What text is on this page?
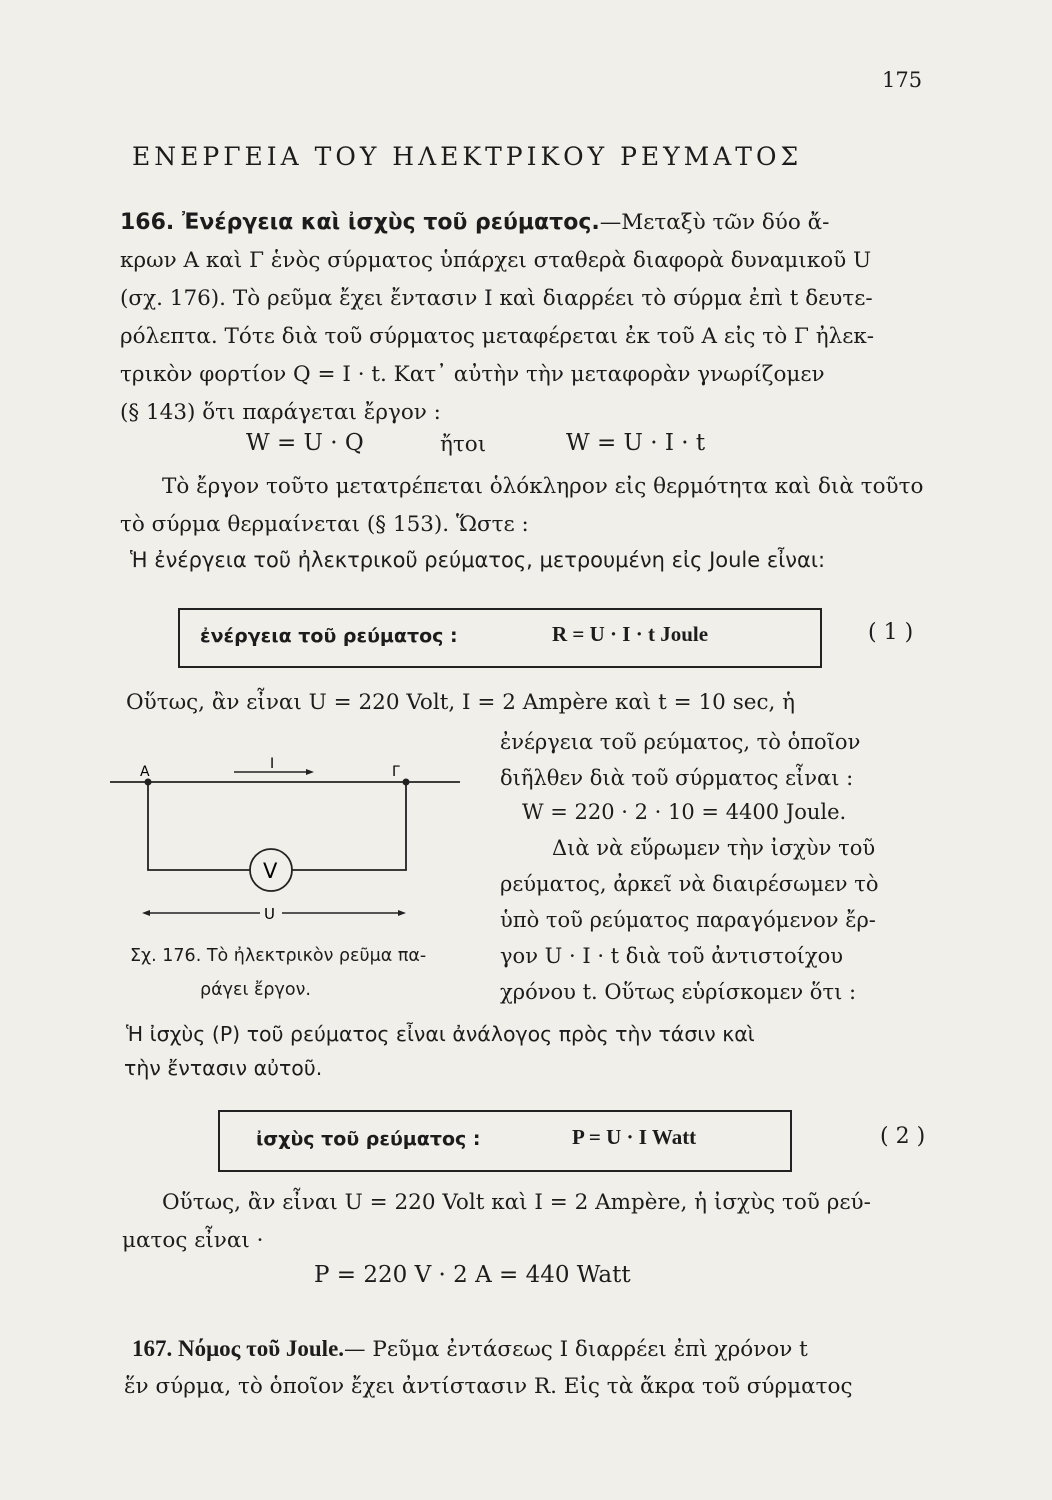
175
ΕΝΕΡΓΕΙΑ ΤΟΥ ΗΛΕΚΤΡΙΚΟΥ ΡΕΥΜΑΤΟΣ
166. Ἐνέργεια καὶ ἰσχὺς τοῦ ρεύματος.—Μεταξὺ τῶν δύο ἄ-
κρων Α καὶ Γ ἑνὸς σύρματος ὑπάρχει σταθερὰ διαφορὰ δυναμικοῦ U
(σχ. 176). Τὸ ρεῦμα ἔχει ἔντασιν Ι καὶ διαρρέει τὸ σύρμα ἐπὶ t δευτε-
ρόλεπτα. Τότε διὰ τοῦ σύρματος μεταφέρεται ἐκ τοῦ Α εἰς τὸ Γ ἠλεκ-
τρικὸν φορτίον Q = I · t. Κατ᾽ αὐτὴν τὴν μεταφορὰν γνωρίζομεν
(§ 143) ὅτι παράγεται ἔργον :
W = U · Q	ἤτοι	W = U · I · t
Τὸ ἔργον τοῦτο μετατρέπεται ὁλόκληρον εἰς θερμότητα καὶ διὰ τοῦτο
τὸ σύρμα θερμαίνεται (§ 153). Ὥστε :
Ἡ ἐνέργεια τοῦ ἠλεκτρικοῦ ρεύματος, μετρουμένη εἰς Joule εἶναι:
ἐνέργεια τοῦ ρεύματος :	R = U · I · t Joule	( 1 )
Οὕτως, ἂν εἶναι U = 220 Volt, I = 2 Ampère καὶ t = 10 sec, ἡ
ἐνέργεια τοῦ ρεύματος, τὸ ὁποῖον
διῆλθεν διὰ τοῦ σύρματος εἶναι :
W = 220 · 2 · 10 = 4400 Joule.
Διὰ νὰ εὕρωμεν τὴν ἰσχὺν τοῦ
ρεύματος, ἀρκεῖ νὰ διαιρέσωμεν τὸ
ὑπὸ τοῦ ρεύματος παραγόμενον ἔρ-
γον U · I · t διὰ τοῦ ἀντιστοίχου
χρόνου t. Οὕτως εὑρίσκομεν ὅτι :
Α	Γ
I
V
U
Σχ. 176. Τὸ ἠλεκτρικὸν ρεῦμα πα-
ράγει ἔργον.
Ἡ ἰσχὺς (P) τοῦ ρεύματος εἶναι ἀνάλογος πρὸς τὴν τάσιν καὶ
τὴν ἔντασιν αὐτοῦ.
ἰσχὺς τοῦ ρεύματος :	P = U · I Watt	( 2 )
Οὕτως, ἂν εἶναι U = 220 Volt καὶ I = 2 Ampère, ἡ ἰσχὺς τοῦ ρεύ-
ματος εἶναι ·
P = 220 V · 2 A = 440 Watt
167. Νόμος τοῦ Joule.— Ρεῦμα ἐντάσεως Ι διαρρέει ἐπὶ χρόνον t
ἕν σύρμα, τὸ ὁποῖον ἔχει ἀντίστασιν R. Εἰς τὰ ἄκρα τοῦ σύρματος
